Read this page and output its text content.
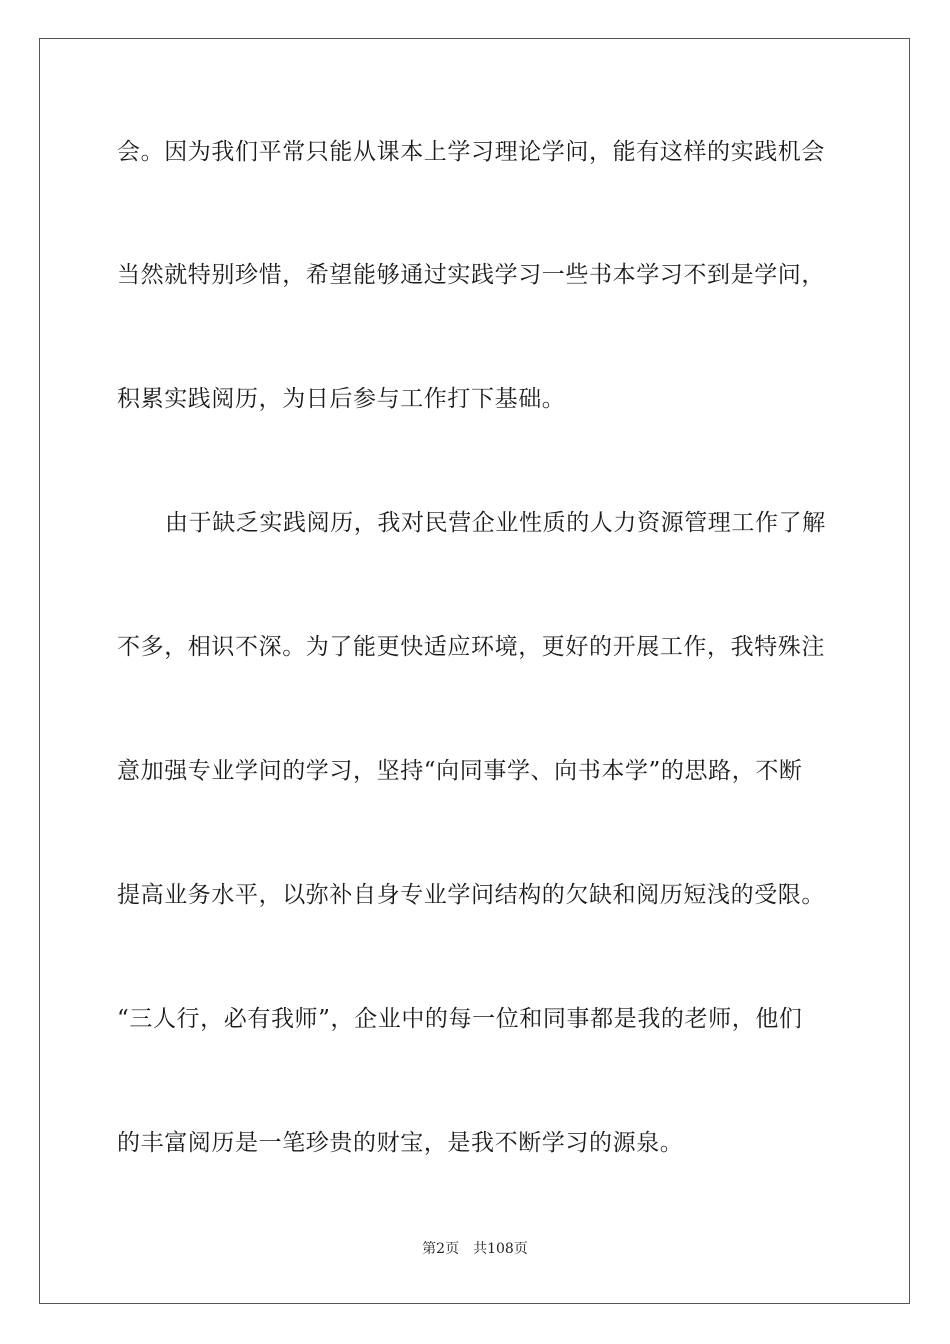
会。因为我们平常只能从课本上学习理论学问，能有这样的实践机会
当然就特别珍惜，希望能够通过实践学习一些书本学习不到是学问，
积累实践阅历，为日后参与工作打下基础。
由于缺乏实践阅历，我对民营企业性质的人力资源管理工作了解
不多，相识不深。为了能更快适应环境，更好的开展工作，我特殊注
意加强专业学问的学习，坚持“向同事学、向书本学”的思路，不断
提高业务水平，以弥补自身专业学问结构的欠缺和阅历短浅的受限。
“三人行，必有我师”，企业中的每一位和同事都是我的老师，他们
的丰富阅历是一笔珍贵的财宝，是我不断学习的源泉。
第2页 共108页
